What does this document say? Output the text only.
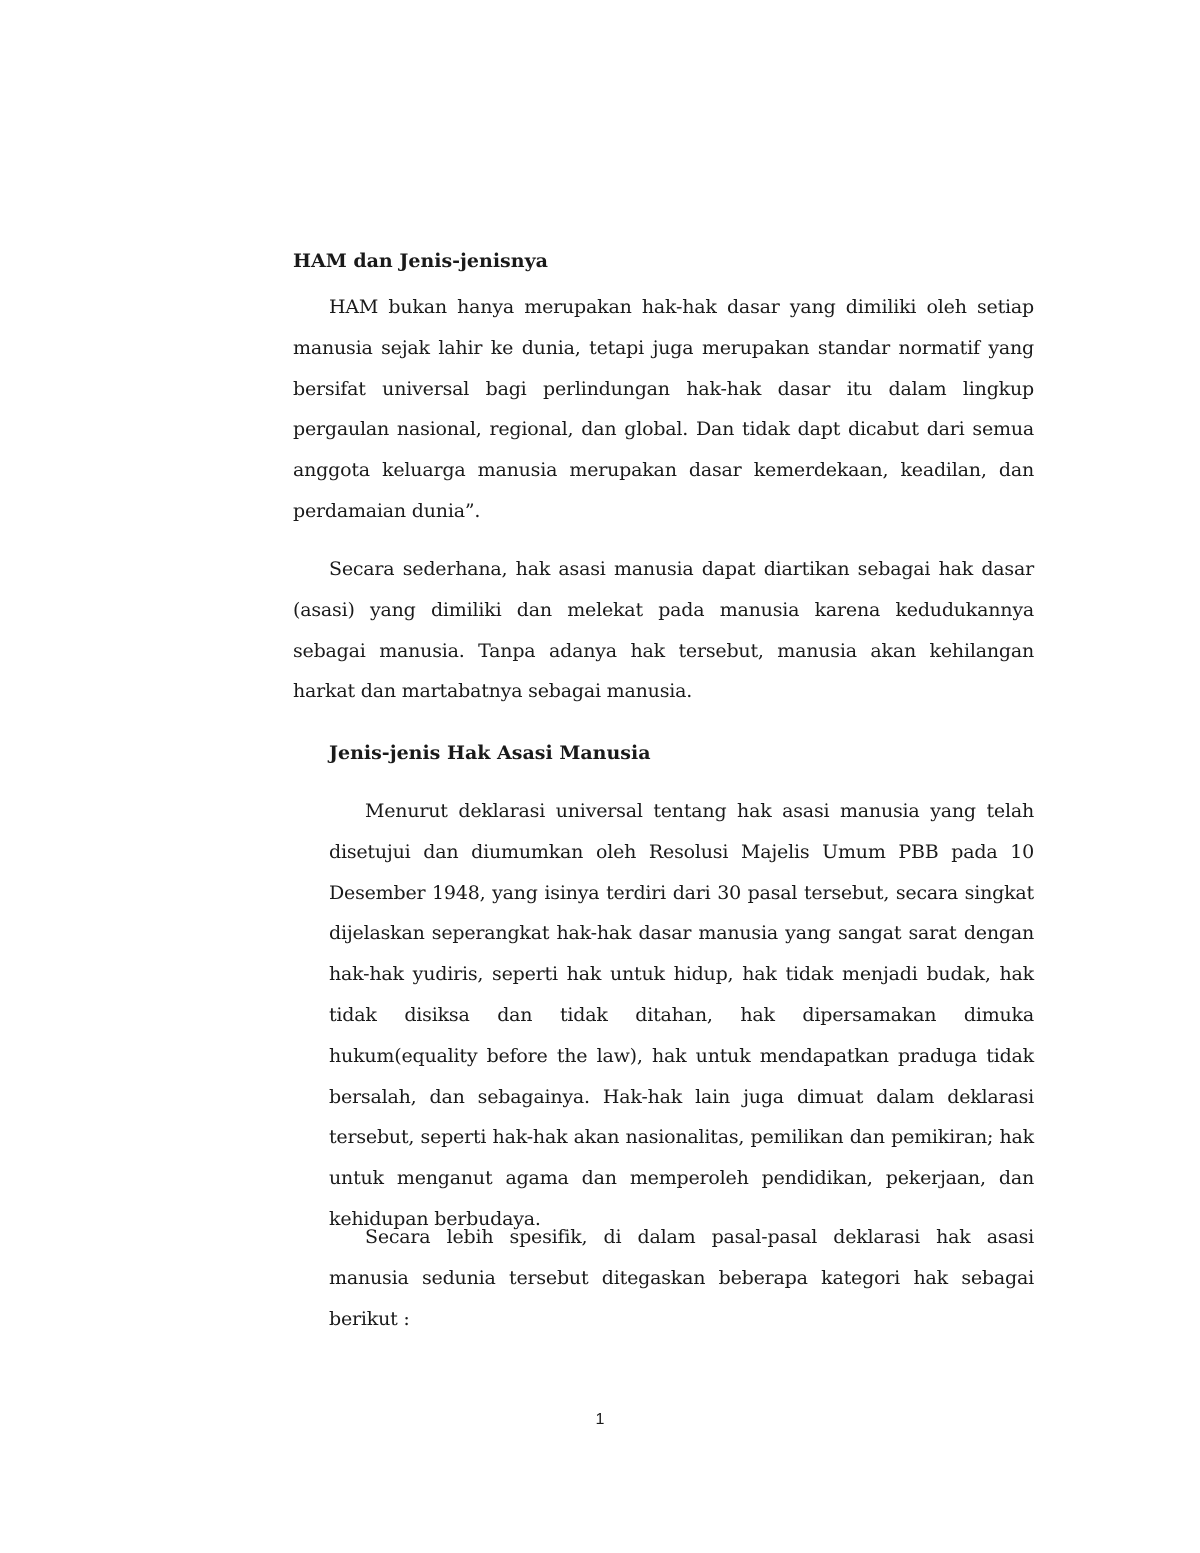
HAM dan Jenis-jenisnya

HAM bukan hanya merupakan hak-hak dasar yang dimiliki oleh setiap manusia sejak lahir ke dunia, tetapi juga merupakan standar normatif yang bersifat universal bagi perlindungan hak-hak dasar itu dalam lingkup pergaulan nasional, regional, dan global. Dan tidak dapt dicabut dari semua anggota keluarga manusia merupakan dasar kemerdekaan, keadilan, dan perdamaian dunia”.

Secara sederhana, hak asasi manusia dapat diartikan sebagai hak dasar (asasi) yang dimiliki dan melekat pada manusia karena kedudukannya sebagai manusia. Tanpa adanya hak tersebut, manusia akan kehilangan harkat dan martabatnya sebagai manusia.

Jenis-jenis Hak Asasi Manusia

Menurut deklarasi universal tentang hak asasi manusia yang telah disetujui dan diumumkan oleh Resolusi Majelis Umum PBB pada 10 Desember 1948, yang isinya terdiri dari 30 pasal tersebut, secara singkat dijelaskan seperangkat hak-hak dasar manusia yang sangat sarat dengan hak-hak yudiris, seperti hak untuk hidup, hak tidak menjadi budak, hak tidak disiksa dan tidak ditahan, hak dipersamakan dimuka hukum(equality before the law), hak untuk mendapatkan praduga tidak bersalah, dan sebagainya. Hak-hak lain juga dimuat dalam deklarasi tersebut, seperti hak-hak akan nasionalitas, pemilikan dan pemikiran; hak untuk menganut agama dan memperoleh pendidikan, pekerjaan, dan kehidupan berbudaya.

Secara lebih spesifik, di dalam pasal-pasal deklarasi hak asasi manusia sedunia tersebut ditegaskan beberapa kategori hak sebagai berikut :

1
